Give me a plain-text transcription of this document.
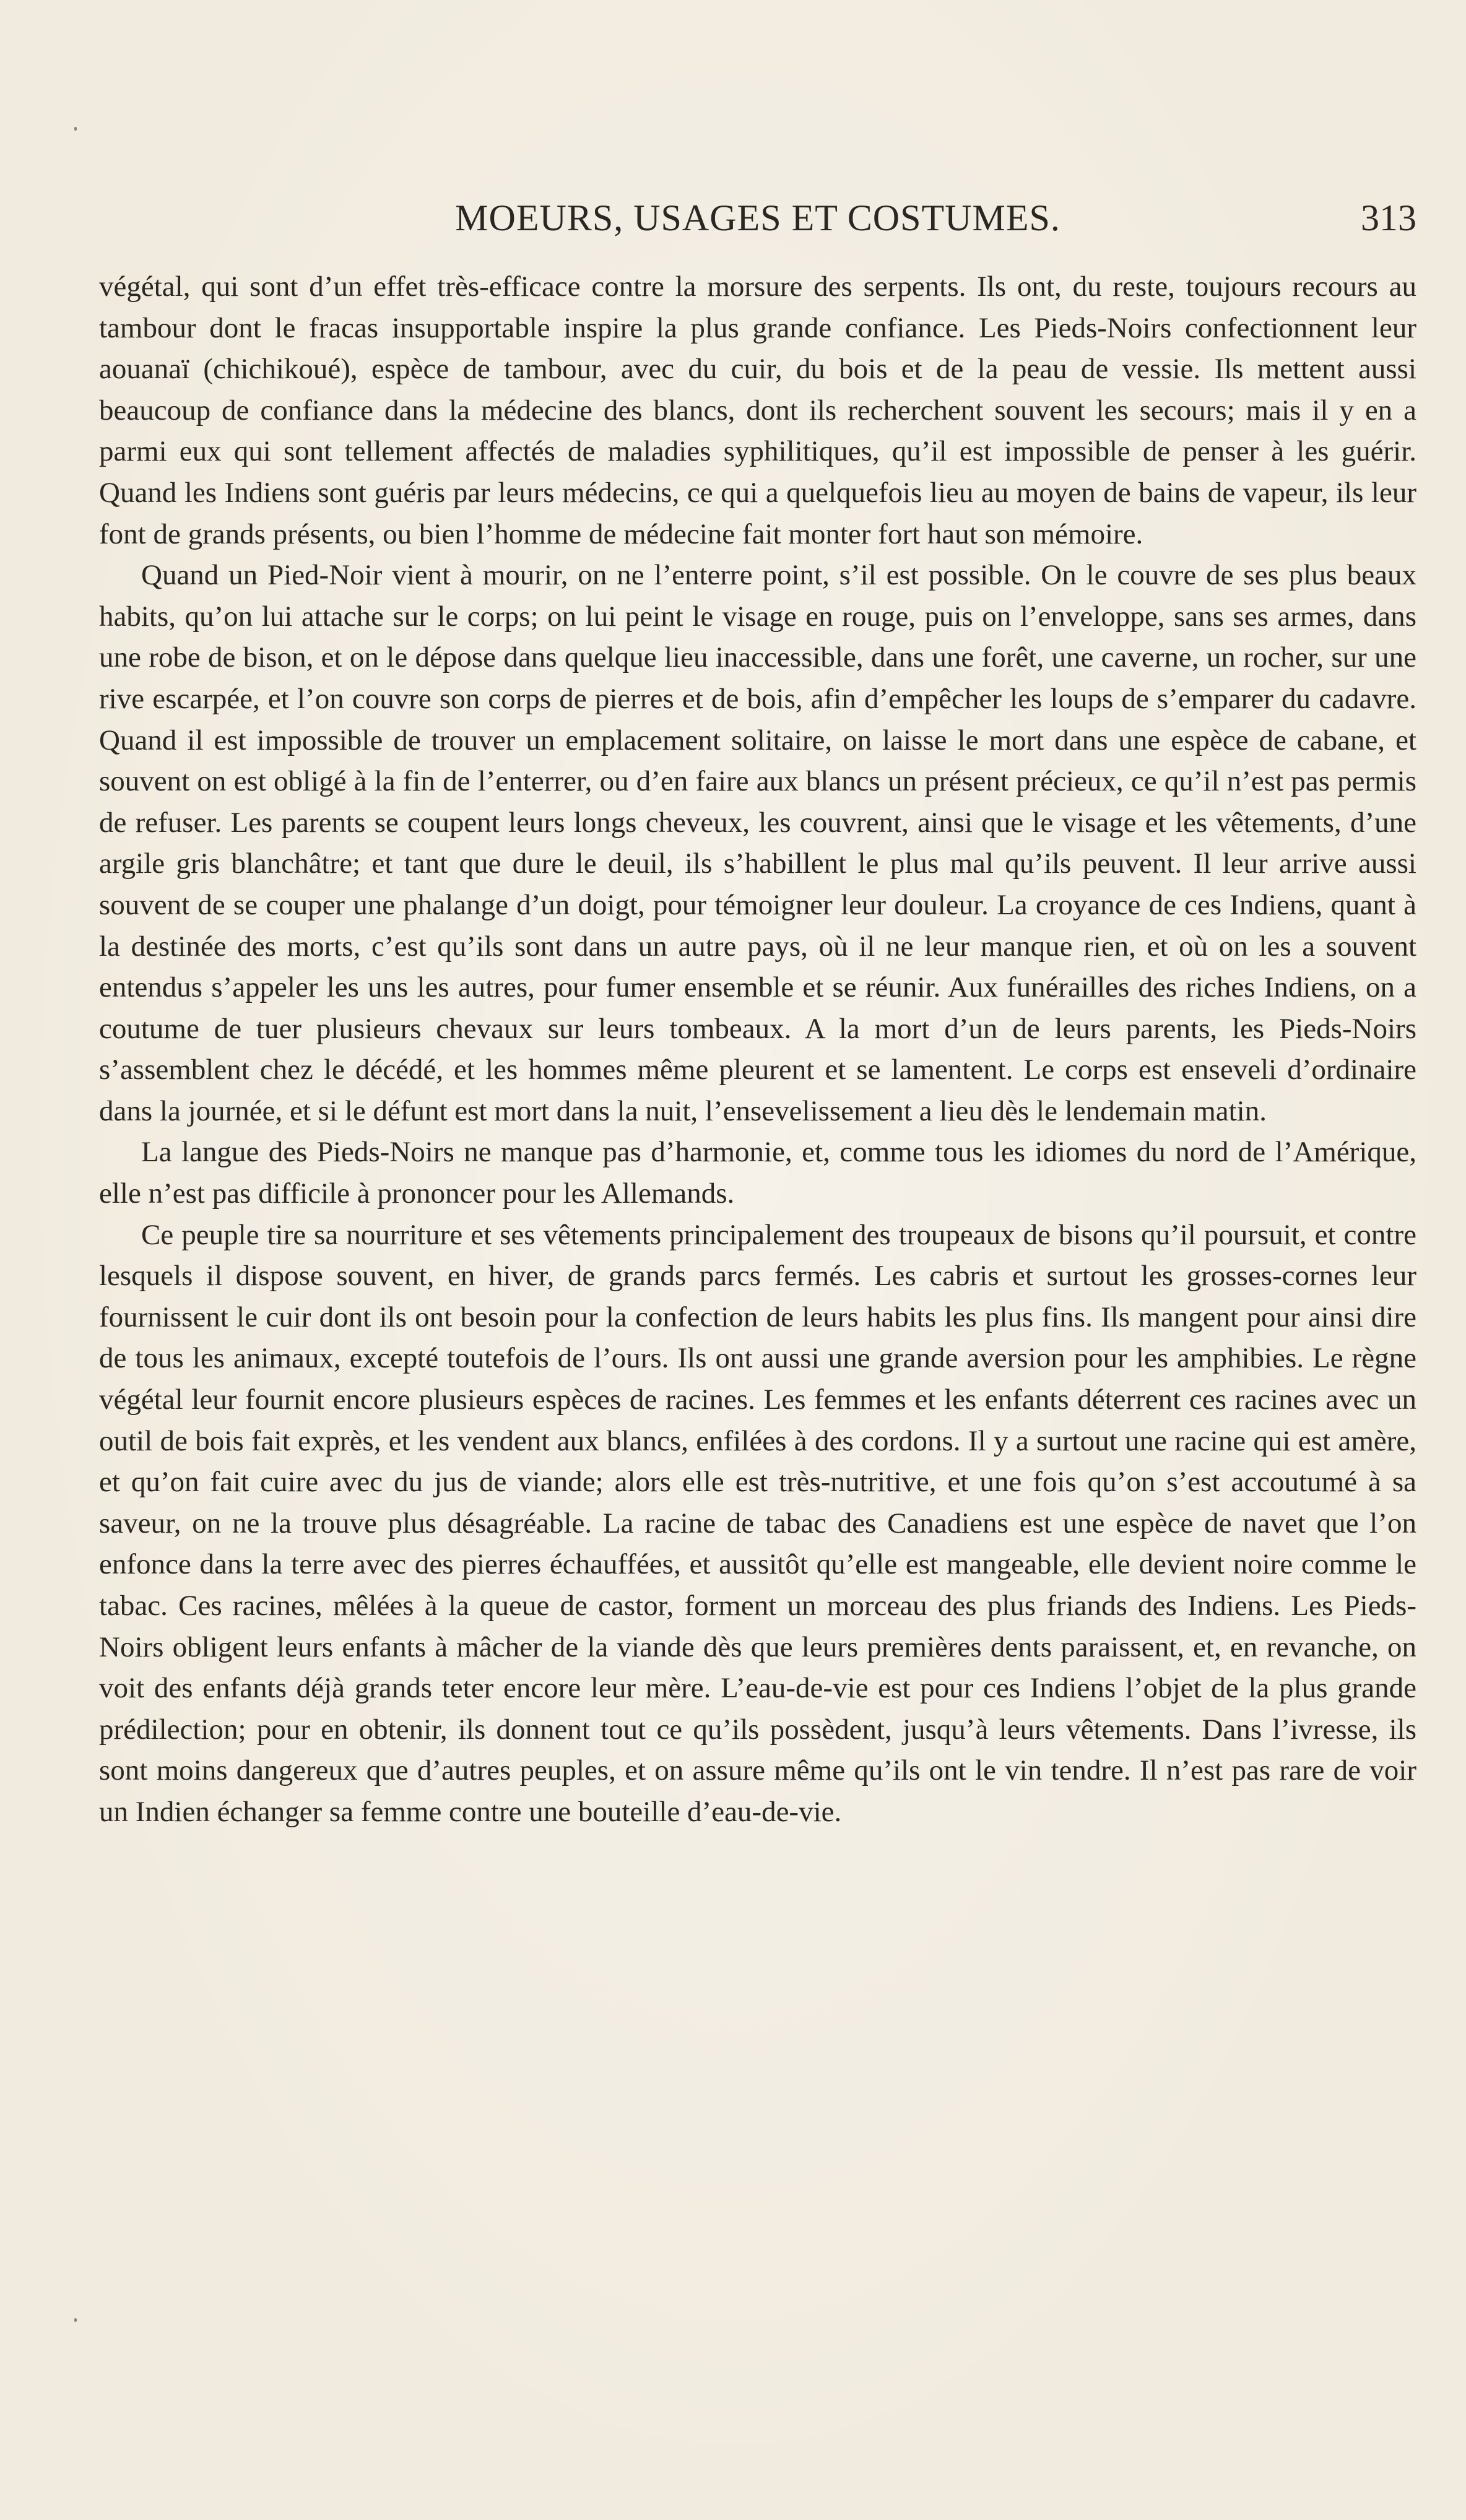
MOEURS, USAGES ET COSTUMES.	313

végétal, qui sont d’un effet très-efficace contre la morsure des serpents. Ils ont, du reste, toujours recours au tambour dont le fracas insupportable inspire la plus grande confiance. Les Pieds-Noirs confectionnent leur aouanaï (chichikoué), espèce de tambour, avec du cuir, du bois et de la peau de vessie. Ils mettent aussi beaucoup de confiance dans la médecine des blancs, dont ils recherchent souvent les secours; mais il y en a parmi eux qui sont tellement affectés de maladies syphilitiques, qu’il est impossible de penser à les guérir. Quand les Indiens sont guéris par leurs médecins, ce qui a quelquefois lieu au moyen de bains de vapeur, ils leur font de grands présents, ou bien l’homme de médecine fait monter fort haut son mémoire.

Quand un Pied-Noir vient à mourir, on ne l’enterre point, s’il est possible. On le couvre de ses plus beaux habits, qu’on lui attache sur le corps; on lui peint le visage en rouge, puis on l’enveloppe, sans ses armes, dans une robe de bison, et on le dépose dans quelque lieu inaccessible, dans une forêt, une caverne, un rocher, sur une rive escarpée, et l’on couvre son corps de pierres et de bois, afin d’empêcher les loups de s’emparer du cadavre. Quand il est impossible de trouver un emplacement solitaire, on laisse le mort dans une espèce de cabane, et souvent on est obligé à la fin de l’enterrer, ou d’en faire aux blancs un présent précieux, ce qu’il n’est pas permis de refuser. Les parents se coupent leurs longs cheveux, les couvrent, ainsi que le visage et les vêtements, d’une argile gris blanchâtre; et tant que dure le deuil, ils s’habillent le plus mal qu’ils peuvent. Il leur arrive aussi souvent de se couper une phalange d’un doigt, pour témoigner leur douleur. La croyance de ces Indiens, quant à la destinée des morts, c’est qu’ils sont dans un autre pays, où il ne leur manque rien, et où on les a souvent entendus s’appeler les uns les autres, pour fumer ensemble et se réunir. Aux funérailles des riches Indiens, on a coutume de tuer plusieurs chevaux sur leurs tombeaux. A la mort d’un de leurs parents, les Pieds-Noirs s’assemblent chez le décédé, et les hommes même pleurent et se lamentent. Le corps est enseveli d’ordinaire dans la journée, et si le défunt est mort dans la nuit, l’ensevelissement a lieu dès le lendemain matin.

La langue des Pieds-Noirs ne manque pas d’harmonie, et, comme tous les idiomes du nord de l’Amérique, elle n’est pas difficile à prononcer pour les Allemands.

Ce peuple tire sa nourriture et ses vêtements principalement des troupeaux de bisons qu’il poursuit, et contre lesquels il dispose souvent, en hiver, de grands parcs fermés. Les cabris et surtout les grosses-cornes leur fournissent le cuir dont ils ont besoin pour la confection de leurs habits les plus fins. Ils mangent pour ainsi dire de tous les animaux, excepté toutefois de l’ours. Ils ont aussi une grande aversion pour les amphibies. Le règne végétal leur fournit encore plusieurs espèces de racines. Les femmes et les enfants déterrent ces racines avec un outil de bois fait exprès, et les vendent aux blancs, enfilées à des cordons. Il y a surtout une racine qui est amère, et qu’on fait cuire avec du jus de viande; alors elle est très-nutritive, et une fois qu’on s’est accoutumé à sa saveur, on ne la trouve plus désagréable. La racine de tabac des Canadiens est une espèce de navet que l’on enfonce dans la terre avec des pierres échauffées, et aussitôt qu’elle est mangeable, elle devient noire comme le tabac. Ces racines, mêlées à la queue de castor, forment un morceau des plus friands des Indiens. Les Pieds-Noirs obligent leurs enfants à mâcher de la viande dès que leurs premières dents paraissent, et, en revanche, on voit des enfants déjà grands teter encore leur mère. L’eau-de-vie est pour ces Indiens l’objet de la plus grande prédilection; pour en obtenir, ils donnent tout ce qu’ils possèdent, jusqu’à leurs vêtements. Dans l’ivresse, ils sont moins dangereux que d’autres peuples, et on assure même qu’ils ont le vin tendre. Il n’est pas rare de voir un Indien échanger sa femme contre une bouteille d’eau-de-vie.
